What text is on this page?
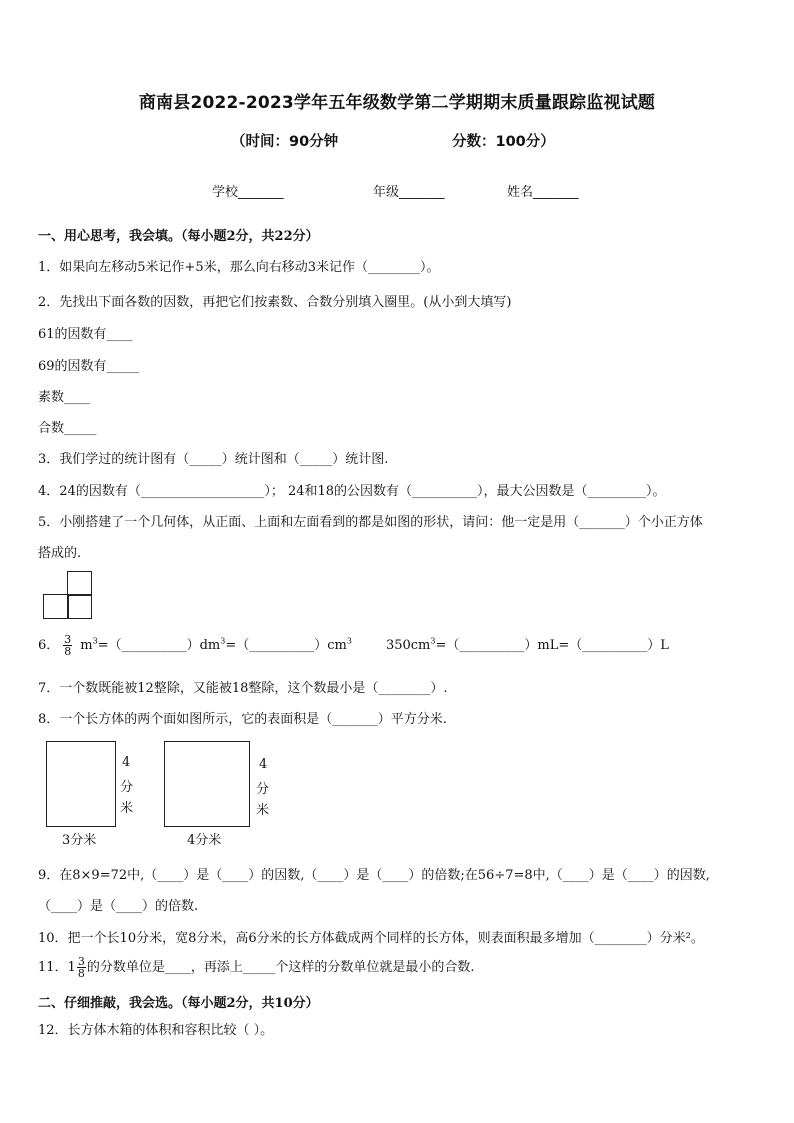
商南县2022-2023学年五年级数学第二学期期末质量跟踪监视试题
（时间：90分钟	分数：100分）
学校_______	年级_______	姓名_______
一、用心思考，我会填。（每小题2分，共22分）
1．如果向左移动5米记作+5米，那么向右移动3米记作（________）。
2．先找出下面各数的因数，再把它们按素数、合数分别填入圈里。(从小到大填写)
61的因数有____
69的因数有_____
素数____
合数_____
3．我们学过的统计图有（_____）统计图和（_____）统计图.
4．24的因数有（___________________）； 24和18的公因数有（__________），最大公因数是（_________）。
5．小刚搭建了一个几何体，从正面、上面和左面看到的都是如图的形状，请问：他一定是用（_______）个小正方体
搭成的.
6． $\frac{3}{8}$ $m^3=(\_\_\_\_\_\_\_\_\_\_)dm^3=(\_\_\_\_\_\_\_\_\_\_)cm^3$	$350cm^3=(\_\_\_\_\_\_\_\_\_\_)mL=(\_\_\_\_\_\_\_\_\_\_)L$
7．一个数既能被12整除，又能被18整除，这个数最小是（________）.
8．一个长方体的两个面如图所示，它的表面积是（_______）平方分米.
4
分
米
3分米
4
分
米
4分米
9．在8×9=72中,（____）是（____）的因数,（____）是（____）的倍数;在56÷7=8中,（____）是（____）的因数,
（____）是（____）的倍数.
10．把一个长10分米，宽8分米，高6分米的长方体截成两个同样的长方体，则表面积最多增加（________）分米²。
11．$1 \frac{3}{8}$ 的分数单位是____，再添上_____个这样的分数单位就是最小的合数.
二、仔细推敲，我会选。（每小题2分，共10分）
12．长方体木箱的体积和容积比较（ ）。
